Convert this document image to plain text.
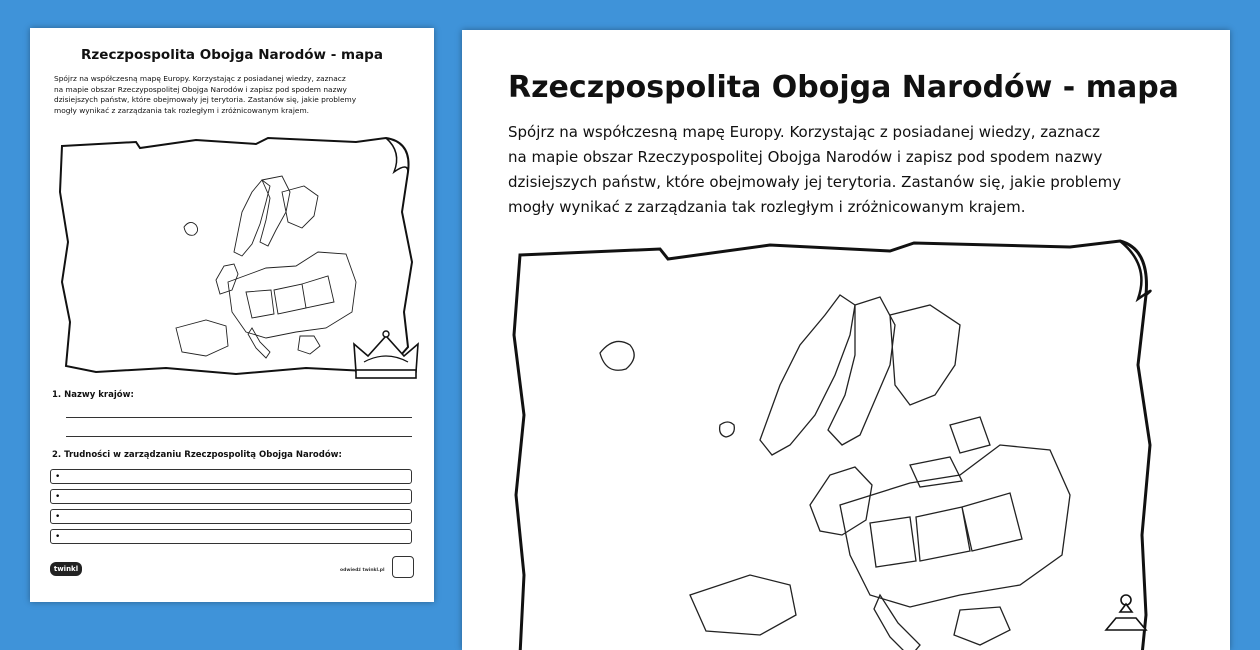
Rzeczpospolita Obojga Narodów - mapa
Spójrz na współczesną mapę Europy. Korzystając z posiadanej wiedzy, zaznacz
na mapie obszar Rzeczypospolitej Obojga Narodów i zapisz pod spodem nazwy
dzisiejszych państw, które obejmowały jej terytoria. Zastanów się, jakie problemy
mogły wynikać z zarządzania tak rozległym i zróżnicowanym krajem.
1. Nazwy krajów:
2. Trudności w zarządzaniu Rzeczpospolitą Obojga Narodów:
•
•
•
•
twinkl	odwiedź twinkl.pl
Rzeczpospolita Obojga Narodów - mapa
Spójrz na współczesną mapę Europy. Korzystając z posiadanej wiedzy, zaznacz
na mapie obszar Rzeczypospolitej Obojga Narodów i zapisz pod spodem nazwy
dzisiejszych państw, które obejmowały jej terytoria. Zastanów się, jakie problemy
mogły wynikać z zarządzania tak rozległym i zróżnicowanym krajem.
